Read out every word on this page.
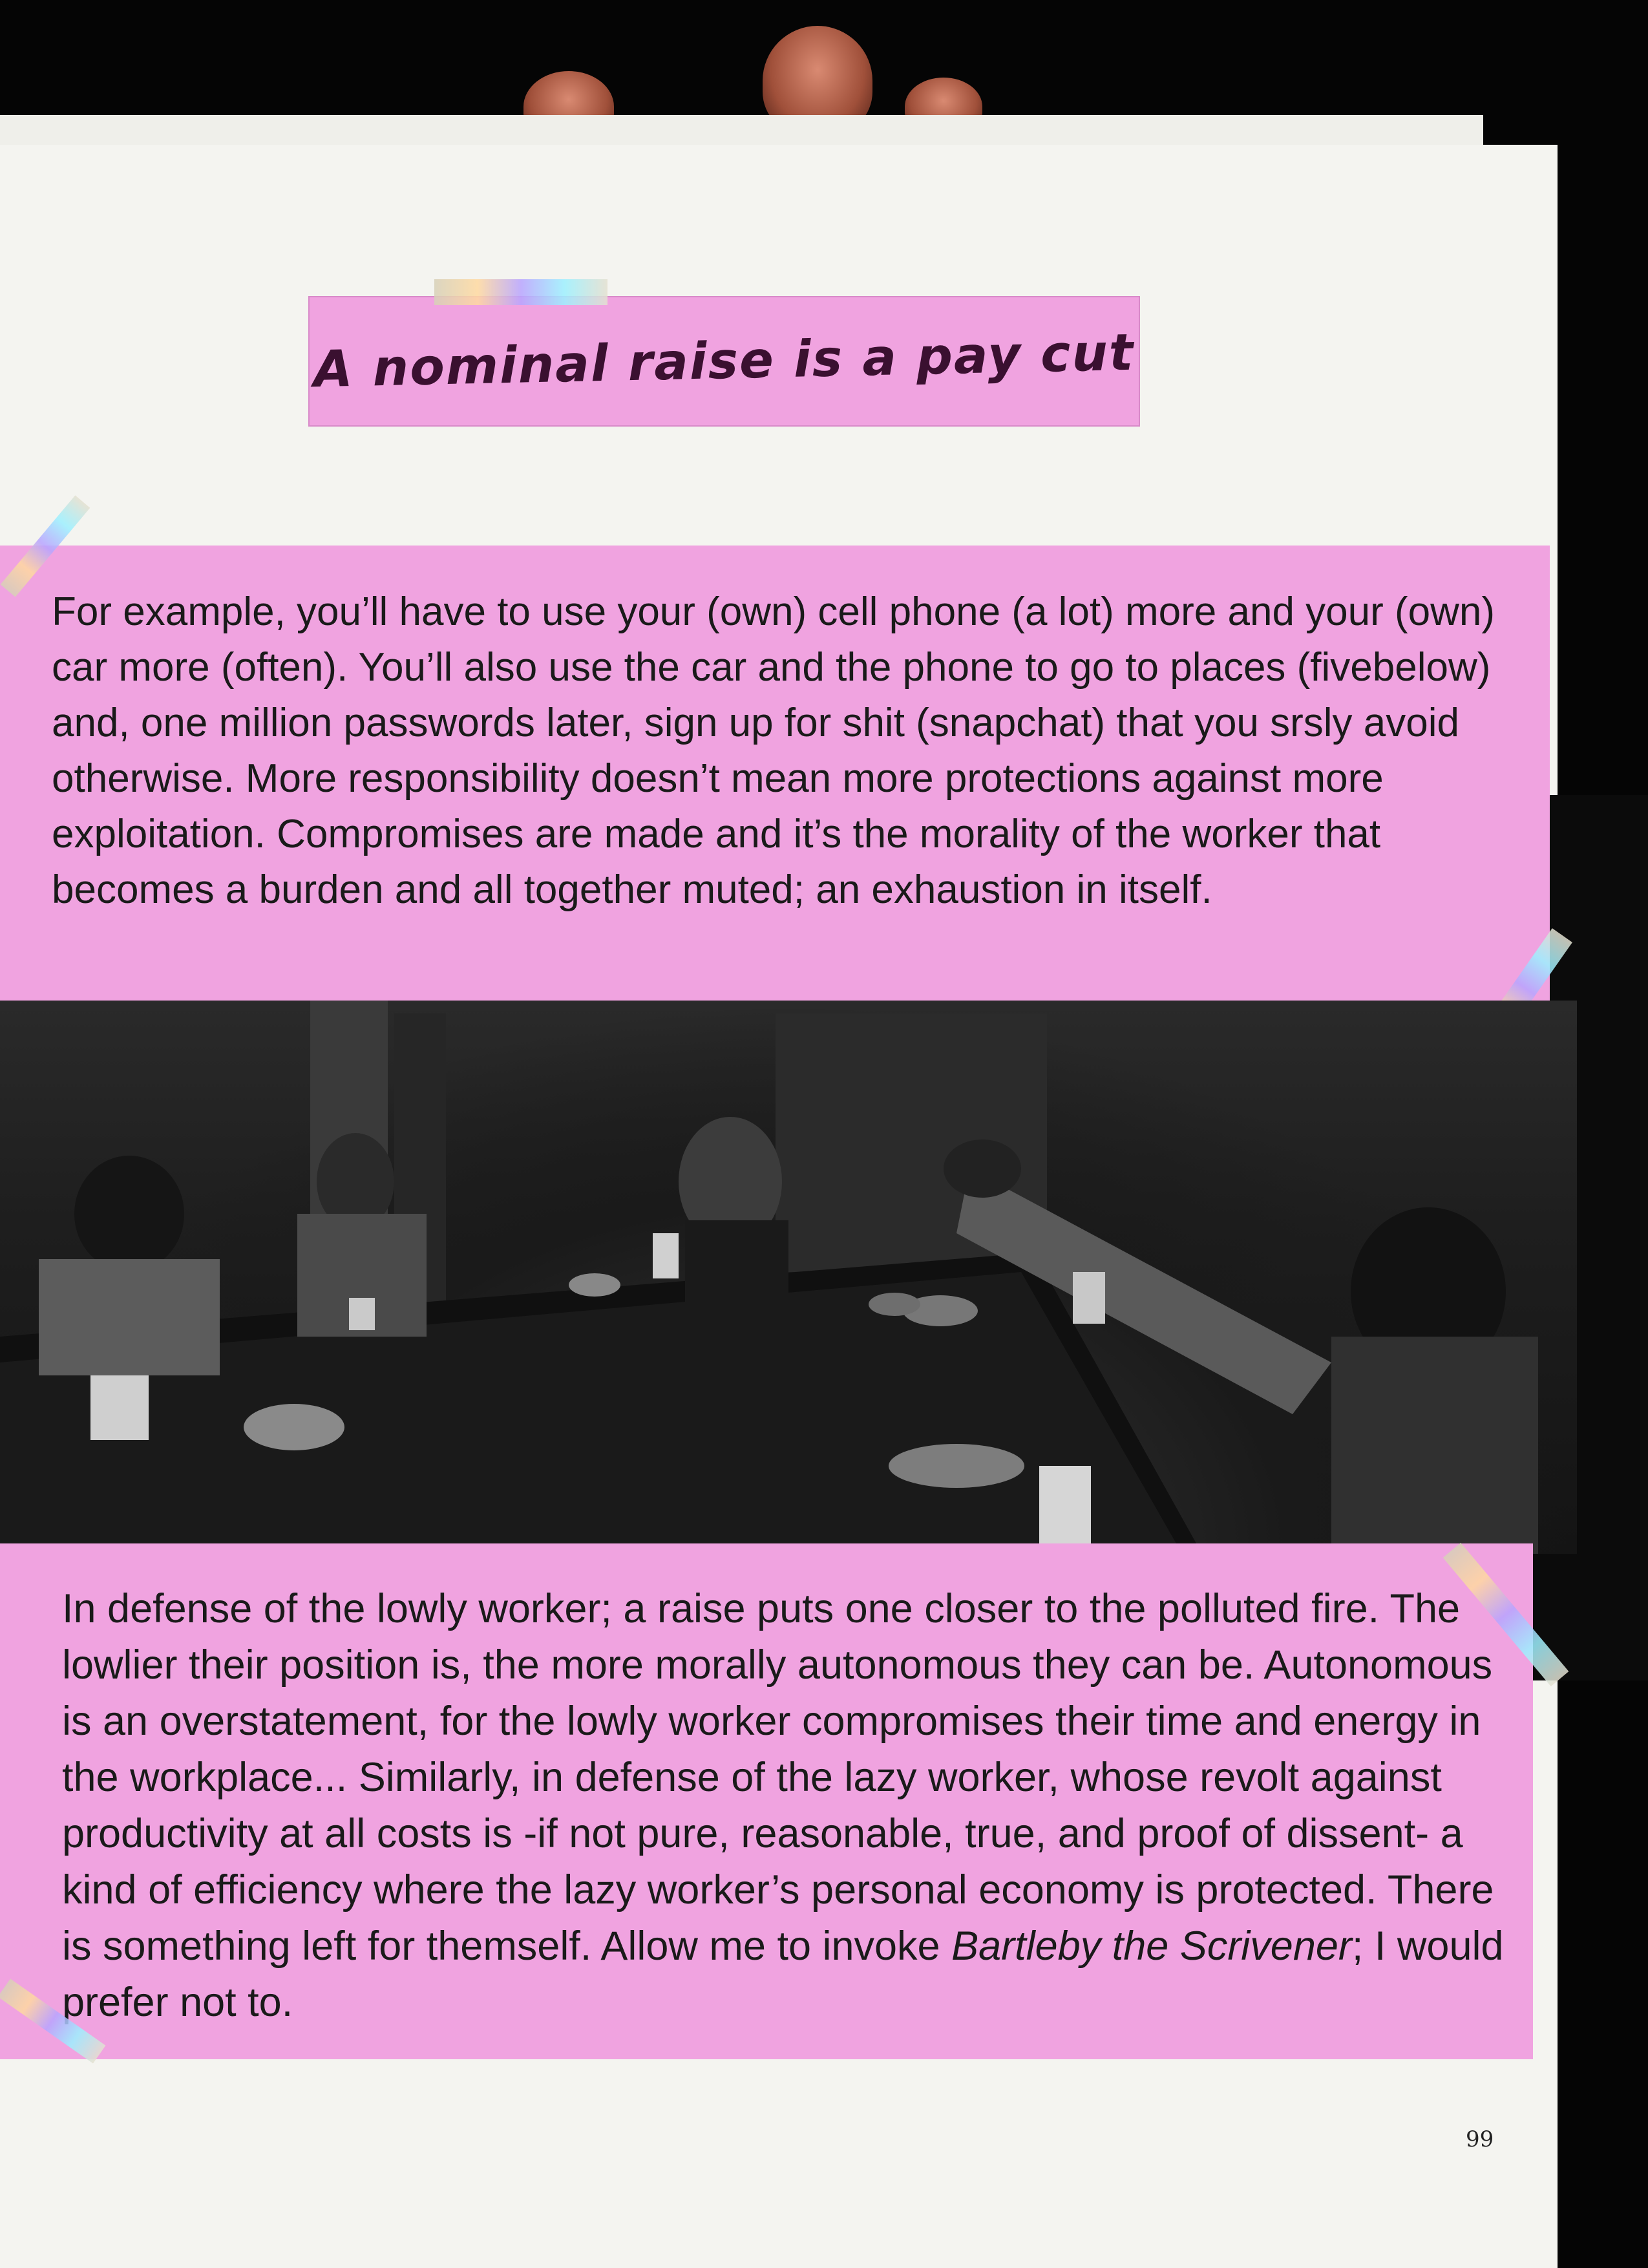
A nominal raise is a pay cut
For example, you’ll have to use your (own) cell phone (a lot) more and your (own) car more (often). You’ll also use the car and the phone to go to places (fivebelow) and, one million passwords later, sign up for shit (snapchat) that you srsly avoid otherwise. More responsibility doesn’t mean more protections against more exploitation. Compromises are made and it’s the morality of the worker that becomes a burden and all together muted; an exhaustion in itself.
In defense of the lowly worker; a raise puts one closer to the polluted fire. The lowlier their position is, the more morally autonomous they can be. Autonomous is an overstatement, for the lowly worker compromises their time and energy in the workplace... Similarly, in defense of the lazy worker, whose revolt against productivity at all costs is -if not pure, reasonable, true, and proof of dissent- a kind of efficiency where the lazy worker’s personal economy is protected. There is something left for themself. Allow me to invoke Bartleby the Scrivener; I would prefer not to.
99
